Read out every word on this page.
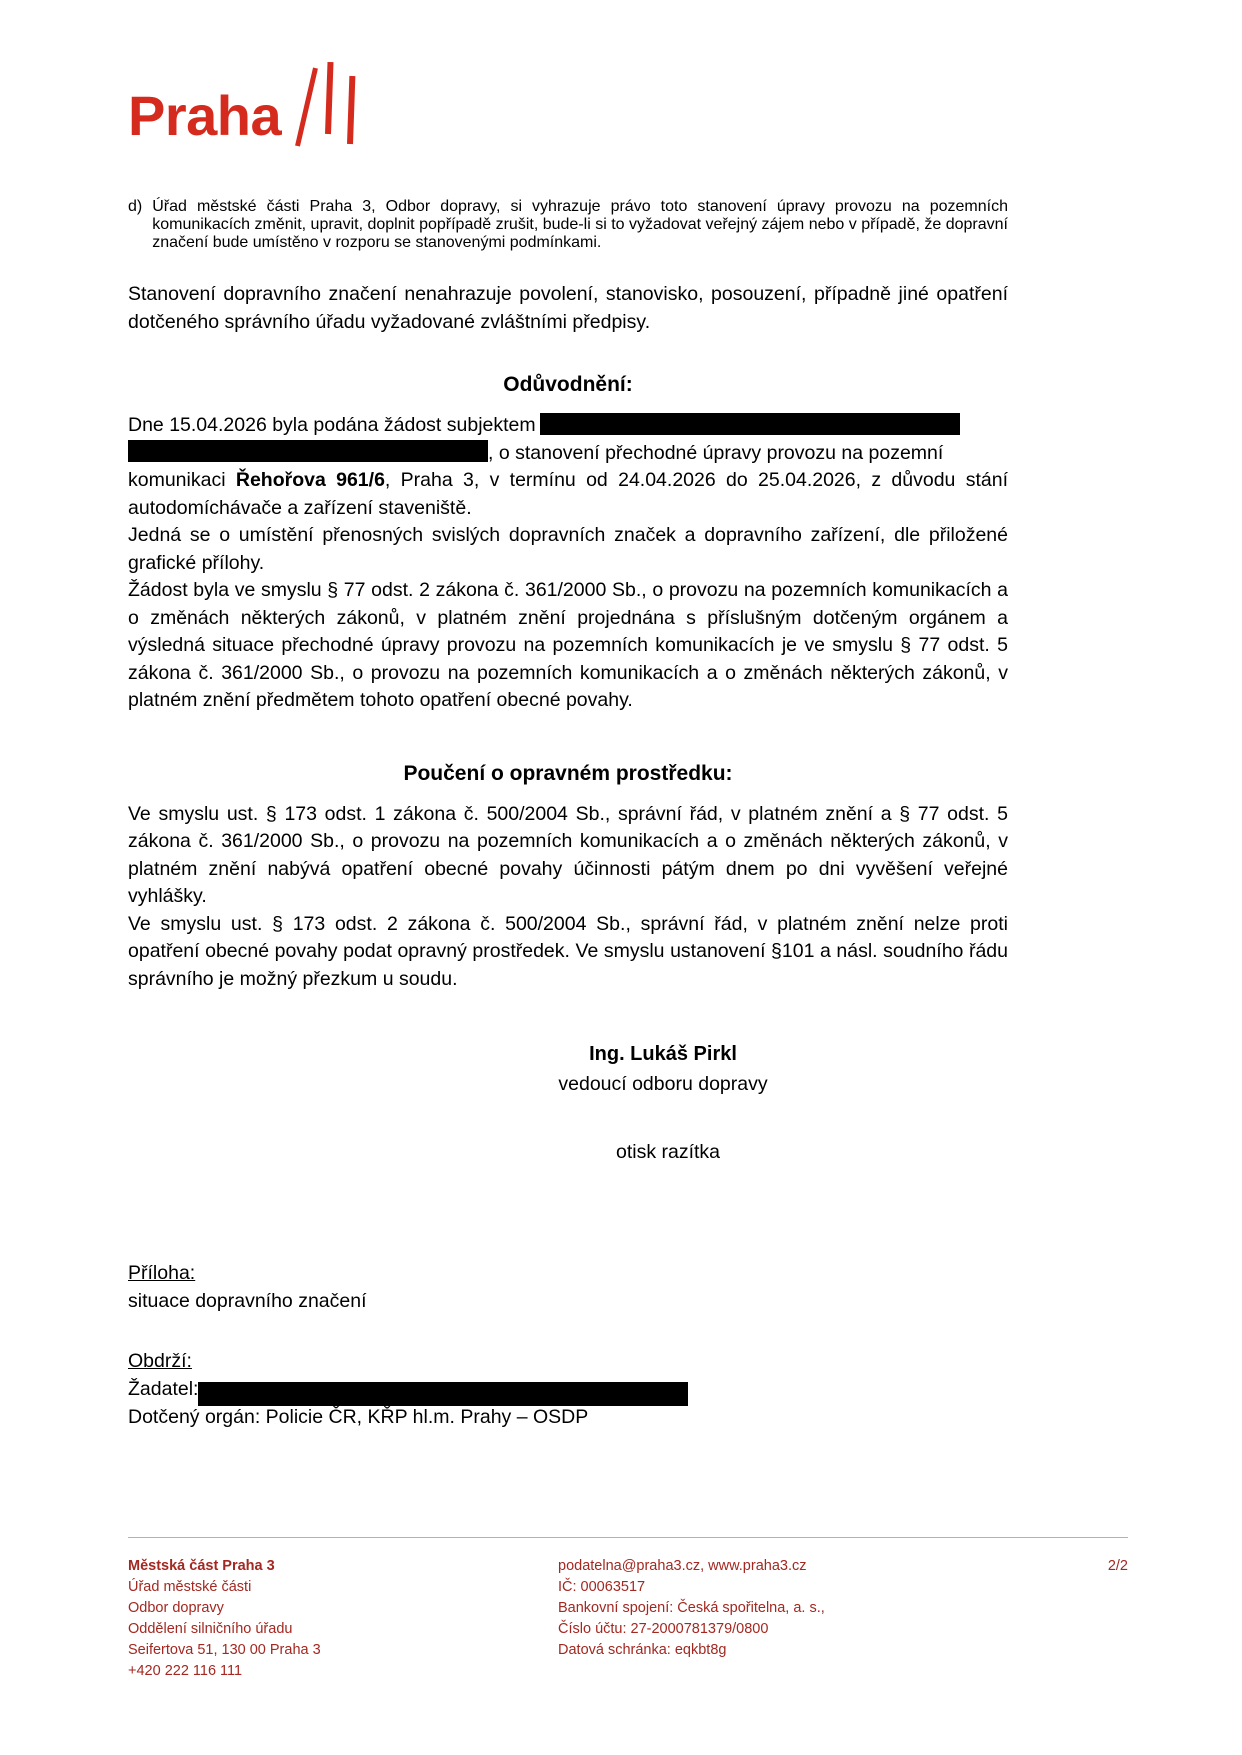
Praha
d) Úřad městské části Praha 3, Odbor dopravy, si vyhrazuje právo toto stanovení úpravy provozu na pozemních komunikacích změnit, upravit, doplnit popřípadě zrušit, bude-li si to vyžadovat veřejný zájem nebo v případě, že dopravní značení bude umístěno v rozporu se stanovenými podmínkami.

Stanovení dopravního značení nenahrazuje povolení, stanovisko, posouzení, případně jiné opatření dotčeného správního úřadu vyžadované zvláštními předpisy.

Odůvodnění:
Dne 15.04.2026 byla podána žádost subjektem
, o stanovení přechodné úpravy provozu na pozemní
komunikaci Řehořova 961/6, Praha 3, v termínu od 24.04.2026 do 25.04.2026, z důvodu stání autodomíchávače a zařízení staveniště.

Jedná se o umístění přenosných svislých dopravních značek a dopravního zařízení, dle přiložené grafické přílohy.

Žádost byla ve smyslu § 77 odst. 2 zákona č. 361/2000 Sb., o provozu na pozemních komunikacích a o změnách některých zákonů, v platném znění projednána s příslušným dotčeným orgánem a výsledná situace přechodné úpravy provozu na pozemních komunikacích je ve smyslu § 77 odst. 5 zákona č. 361/2000 Sb., o provozu na pozemních komunikacích a o změnách některých zákonů, v platném znění předmětem tohoto opatření obecné povahy.

Poučení o opravném prostředku:

Ve smyslu ust. § 173 odst. 1 zákona č. 500/2004 Sb., správní řád, v platném znění a § 77 odst. 5 zákona č. 361/2000 Sb., o provozu na pozemních komunikacích a o změnách některých zákonů, v platném znění nabývá opatření obecné povahy účinnosti pátým dnem po dni vyvěšení veřejné vyhlášky.

Ve smyslu ust. § 173 odst. 2 zákona č. 500/2004 Sb., správní řád, v platném znění nelze proti opatření obecné povahy podat opravný prostředek. Ve smyslu ustanovení §101 a násl. soudního řádu správního je možný přezkum u soudu.

Ing. Lukáš Pirkl
vedoucí odboru dopravy
otisk razítka
Příloha:
situace dopravního značení
Obdrží:
Žadatel:
Dotčený orgán: Policie ČR, KŘP hl.m. Prahy – OSDP
Městská část Praha 3
Úřad městské části
Odbor dopravy
Oddělení silničního úřadu
Seifertova 51, 130 00 Praha 3
+420 222 116 111
podatelna@praha3.cz, www.praha3.cz
IČ: 00063517
Bankovní spojení: Česká spořitelna, a. s.,
Číslo účtu: 27-2000781379/0800
Datová schránka: eqkbt8g
2/2
